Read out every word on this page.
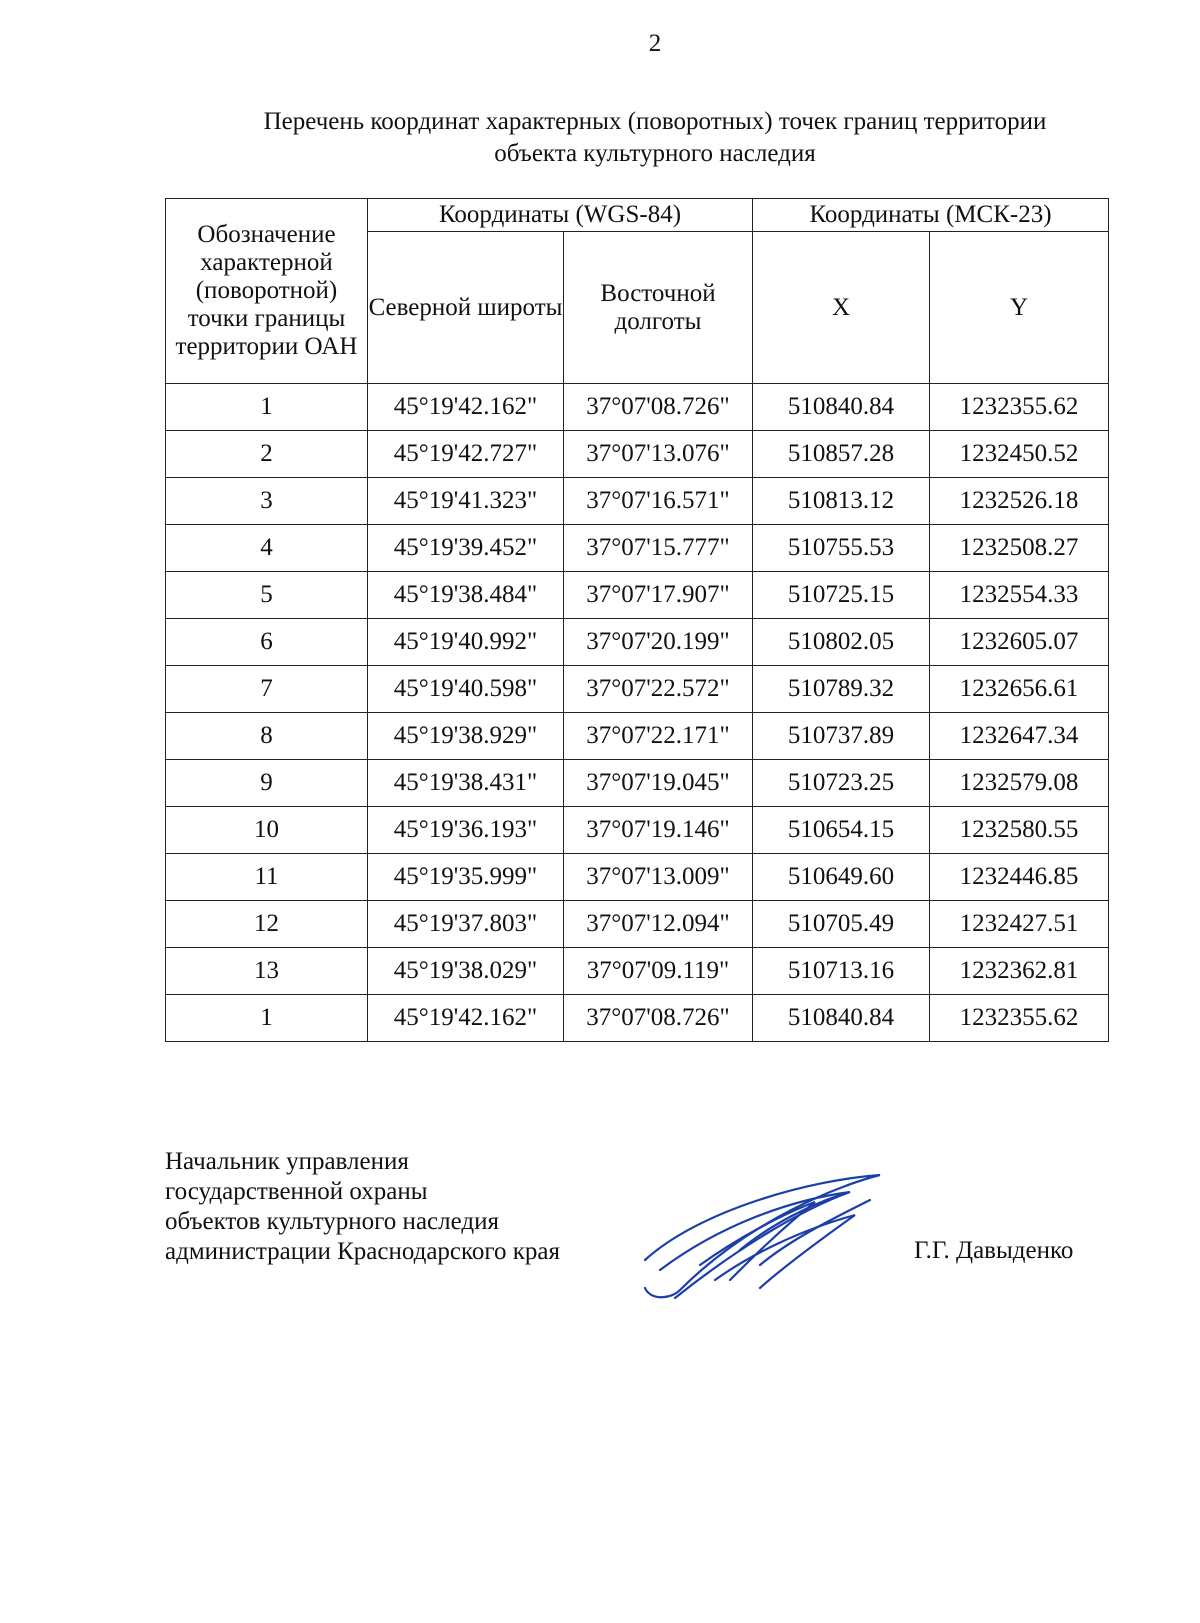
2
Перечень координат характерных (поворотных) точек границ территории
объекта культурного наследия
Обозначение характерной (поворотной) точки границы территории ОАН	Координаты (WGS-84)		Координаты (МСК-23)	
	Северной широты	Восточной долготы	X	Y
1	45°19'42.162"	37°07'08.726"	510840.84	1232355.62
2	45°19'42.727"	37°07'13.076"	510857.28	1232450.52
3	45°19'41.323"	37°07'16.571"	510813.12	1232526.18
4	45°19'39.452"	37°07'15.777"	510755.53	1232508.27
5	45°19'38.484"	37°07'17.907"	510725.15	1232554.33
6	45°19'40.992"	37°07'20.199"	510802.05	1232605.07
7	45°19'40.598"	37°07'22.572"	510789.32	1232656.61
8	45°19'38.929"	37°07'22.171"	510737.89	1232647.34
9	45°19'38.431"	37°07'19.045"	510723.25	1232579.08
10	45°19'36.193"	37°07'19.146"	510654.15	1232580.55
11	45°19'35.999"	37°07'13.009"	510649.60	1232446.85
12	45°19'37.803"	37°07'12.094"	510705.49	1232427.51
13	45°19'38.029"	37°07'09.119"	510713.16	1232362.81
1	45°19'42.162"	37°07'08.726"	510840.84	1232355.62
Начальник управления
государственной охраны
объектов культурного наследия
администрации Краснодарского края	Г.Г. Давыденко
